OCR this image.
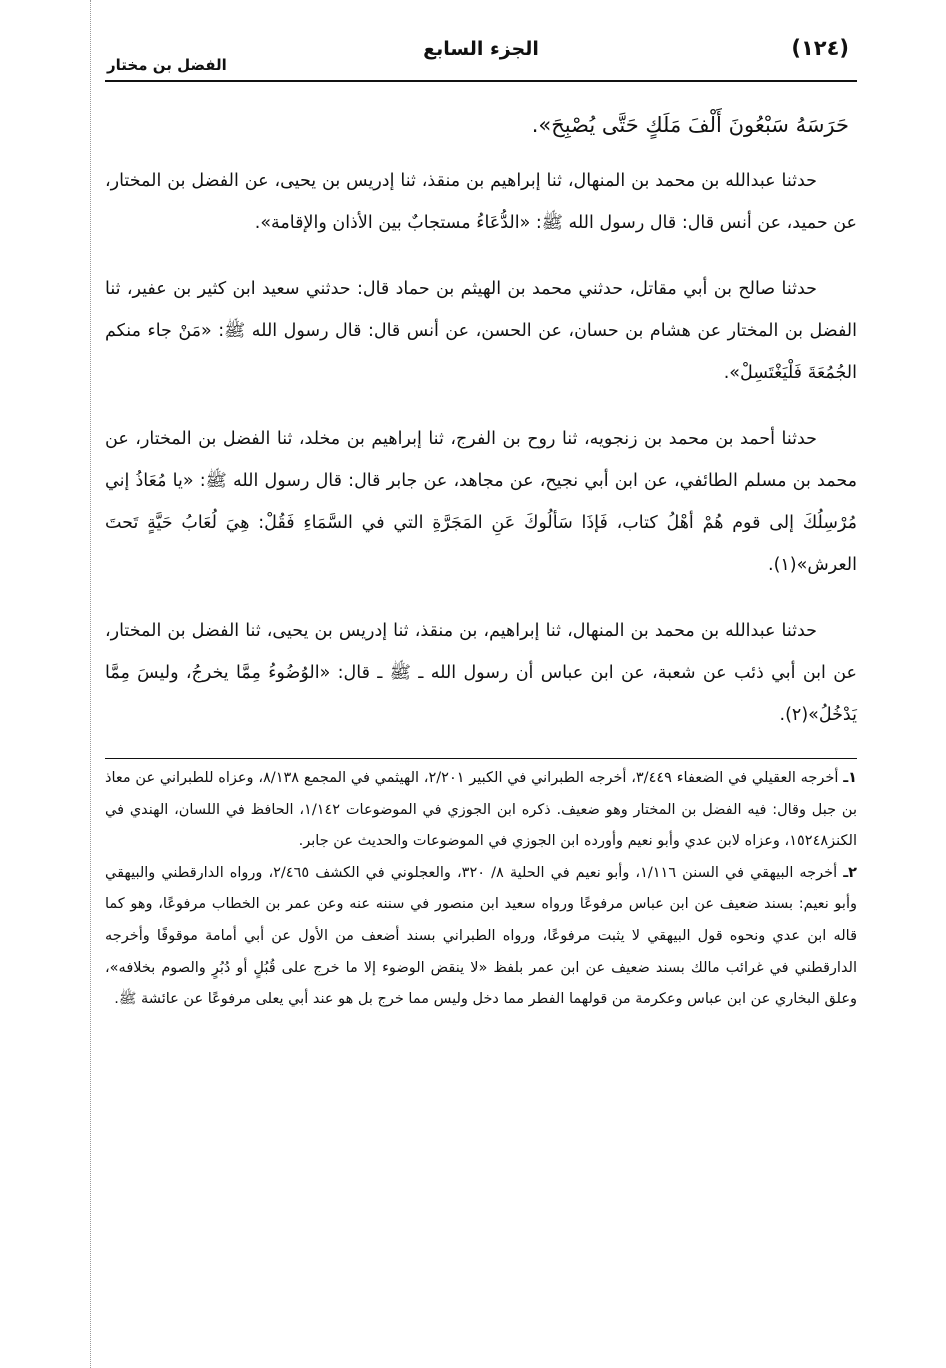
(١٢٤)
الجزء السابع
الفضل بن مختار

حَرَسَهُ سَبْعُونَ أَلْفَ مَلَكٍ حَتَّى يُصْبِحَ».

حدثنا عبدالله بن محمد بن المنهال، ثنا إبراهيم بن منقذ، ثنا إدريس بن يحيى، عن الفضل بن المختار، عن حميد، عن أنس قال: قال رسول الله ﷺ: «الدُّعَاءُ مستجابٌ بين الأذان والإقامة».

حدثنا صالح بن أبي مقاتل، حدثني محمد بن الهيثم بن حماد قال: حدثني سعيد ابن كثير بن عفير، ثنا الفضل بن المختار عن هشام بن حسان، عن الحسن، عن أنس قال: قال رسول الله ﷺ: «مَنْ جاء منكم الجُمُعَةَ فَلْيَغْتَسِلْ».

حدثنا أحمد بن محمد بن زنجويه، ثنا روح بن الفرج، ثنا إبراهيم بن مخلد، ثنا الفضل بن المختار، عن محمد بن مسلم الطائفي، عن ابن أبي نجيح، عن مجاهد، عن جابر قال: قال رسول الله ﷺ: «يا مُعَاذُ إني مُرْسِلُكَ إلى قوم هُمْ أهْلُ كتاب، فَإذَا سَألُوكَ عَنِ المَجَرَّةِ التي في السَّمَاءِ فَقُلْ: هِيَ لُعَابُ حَيَّةٍ تَحتَ العرش»(١).

حدثنا عبدالله بن محمد بن المنهال، ثنا إبراهيم، بن منقذ، ثنا إدريس بن يحيى، ثنا الفضل بن المختار، عن ابن أبي ذئب عن شعبة، عن ابن عباس أن رسول الله ـ ﷺ ـ قال: «الوُضُوءُ مِمَّا يخرجُ، وليسَ مِمَّا يَدْخُلُ»(٢).

١ـ أخرجه العقيلي في الضعفاء ٣/٤٤٩، أخرجه الطبراني في الكبير ٢/٢٠١، الهيثمي في المجمع ٨/١٣٨، وعزاه للطبراني عن معاذ بن جبل وقال: فيه الفضل بن المختار وهو ضعيف. ذكره ابن الجوزي في الموضوعات ١/١٤٢، الحافظ في اللسان، الهندي في الكنز١٥٢٤٨، وعزاه لابن عدي وأبو نعيم وأورده ابن الجوزي في الموضوعات والحديث عن جابر.

٢ـ أخرجه البيهقي في السنن ١/١١٦، وأبو نعيم في الحلية ٨/ ٣٢٠، والعجلوني في الكشف ٢/٤٦٥، ورواه الدارقطني والبيهقي وأبو نعيم: بسند ضعيف عن ابن عباس مرفوعًا ورواه سعيد ابن منصور في سننه عنه وعن عمر بن الخطاب مرفوعًا، وهو كما قاله ابن عدي ونحوه قول البيهقي لا يثبت مرفوعًا، ورواه الطبراني بسند أضعف من الأول عن أبي أمامة موقوفًا وأخرجه الدارقطني في غرائب مالك بسند ضعيف عن ابن عمر بلفظ «لا ينقض الوضوء إلا ما خرج على قُبُلٍ أو دُبُرٍ والصوم بخلافه»، وعلق البخاري عن ابن عباس وعكرمة من قولهما الفطر مما دخل وليس مما خرج بل هو عند أبي يعلى مرفوعًا عن عائشة ﷺ.
